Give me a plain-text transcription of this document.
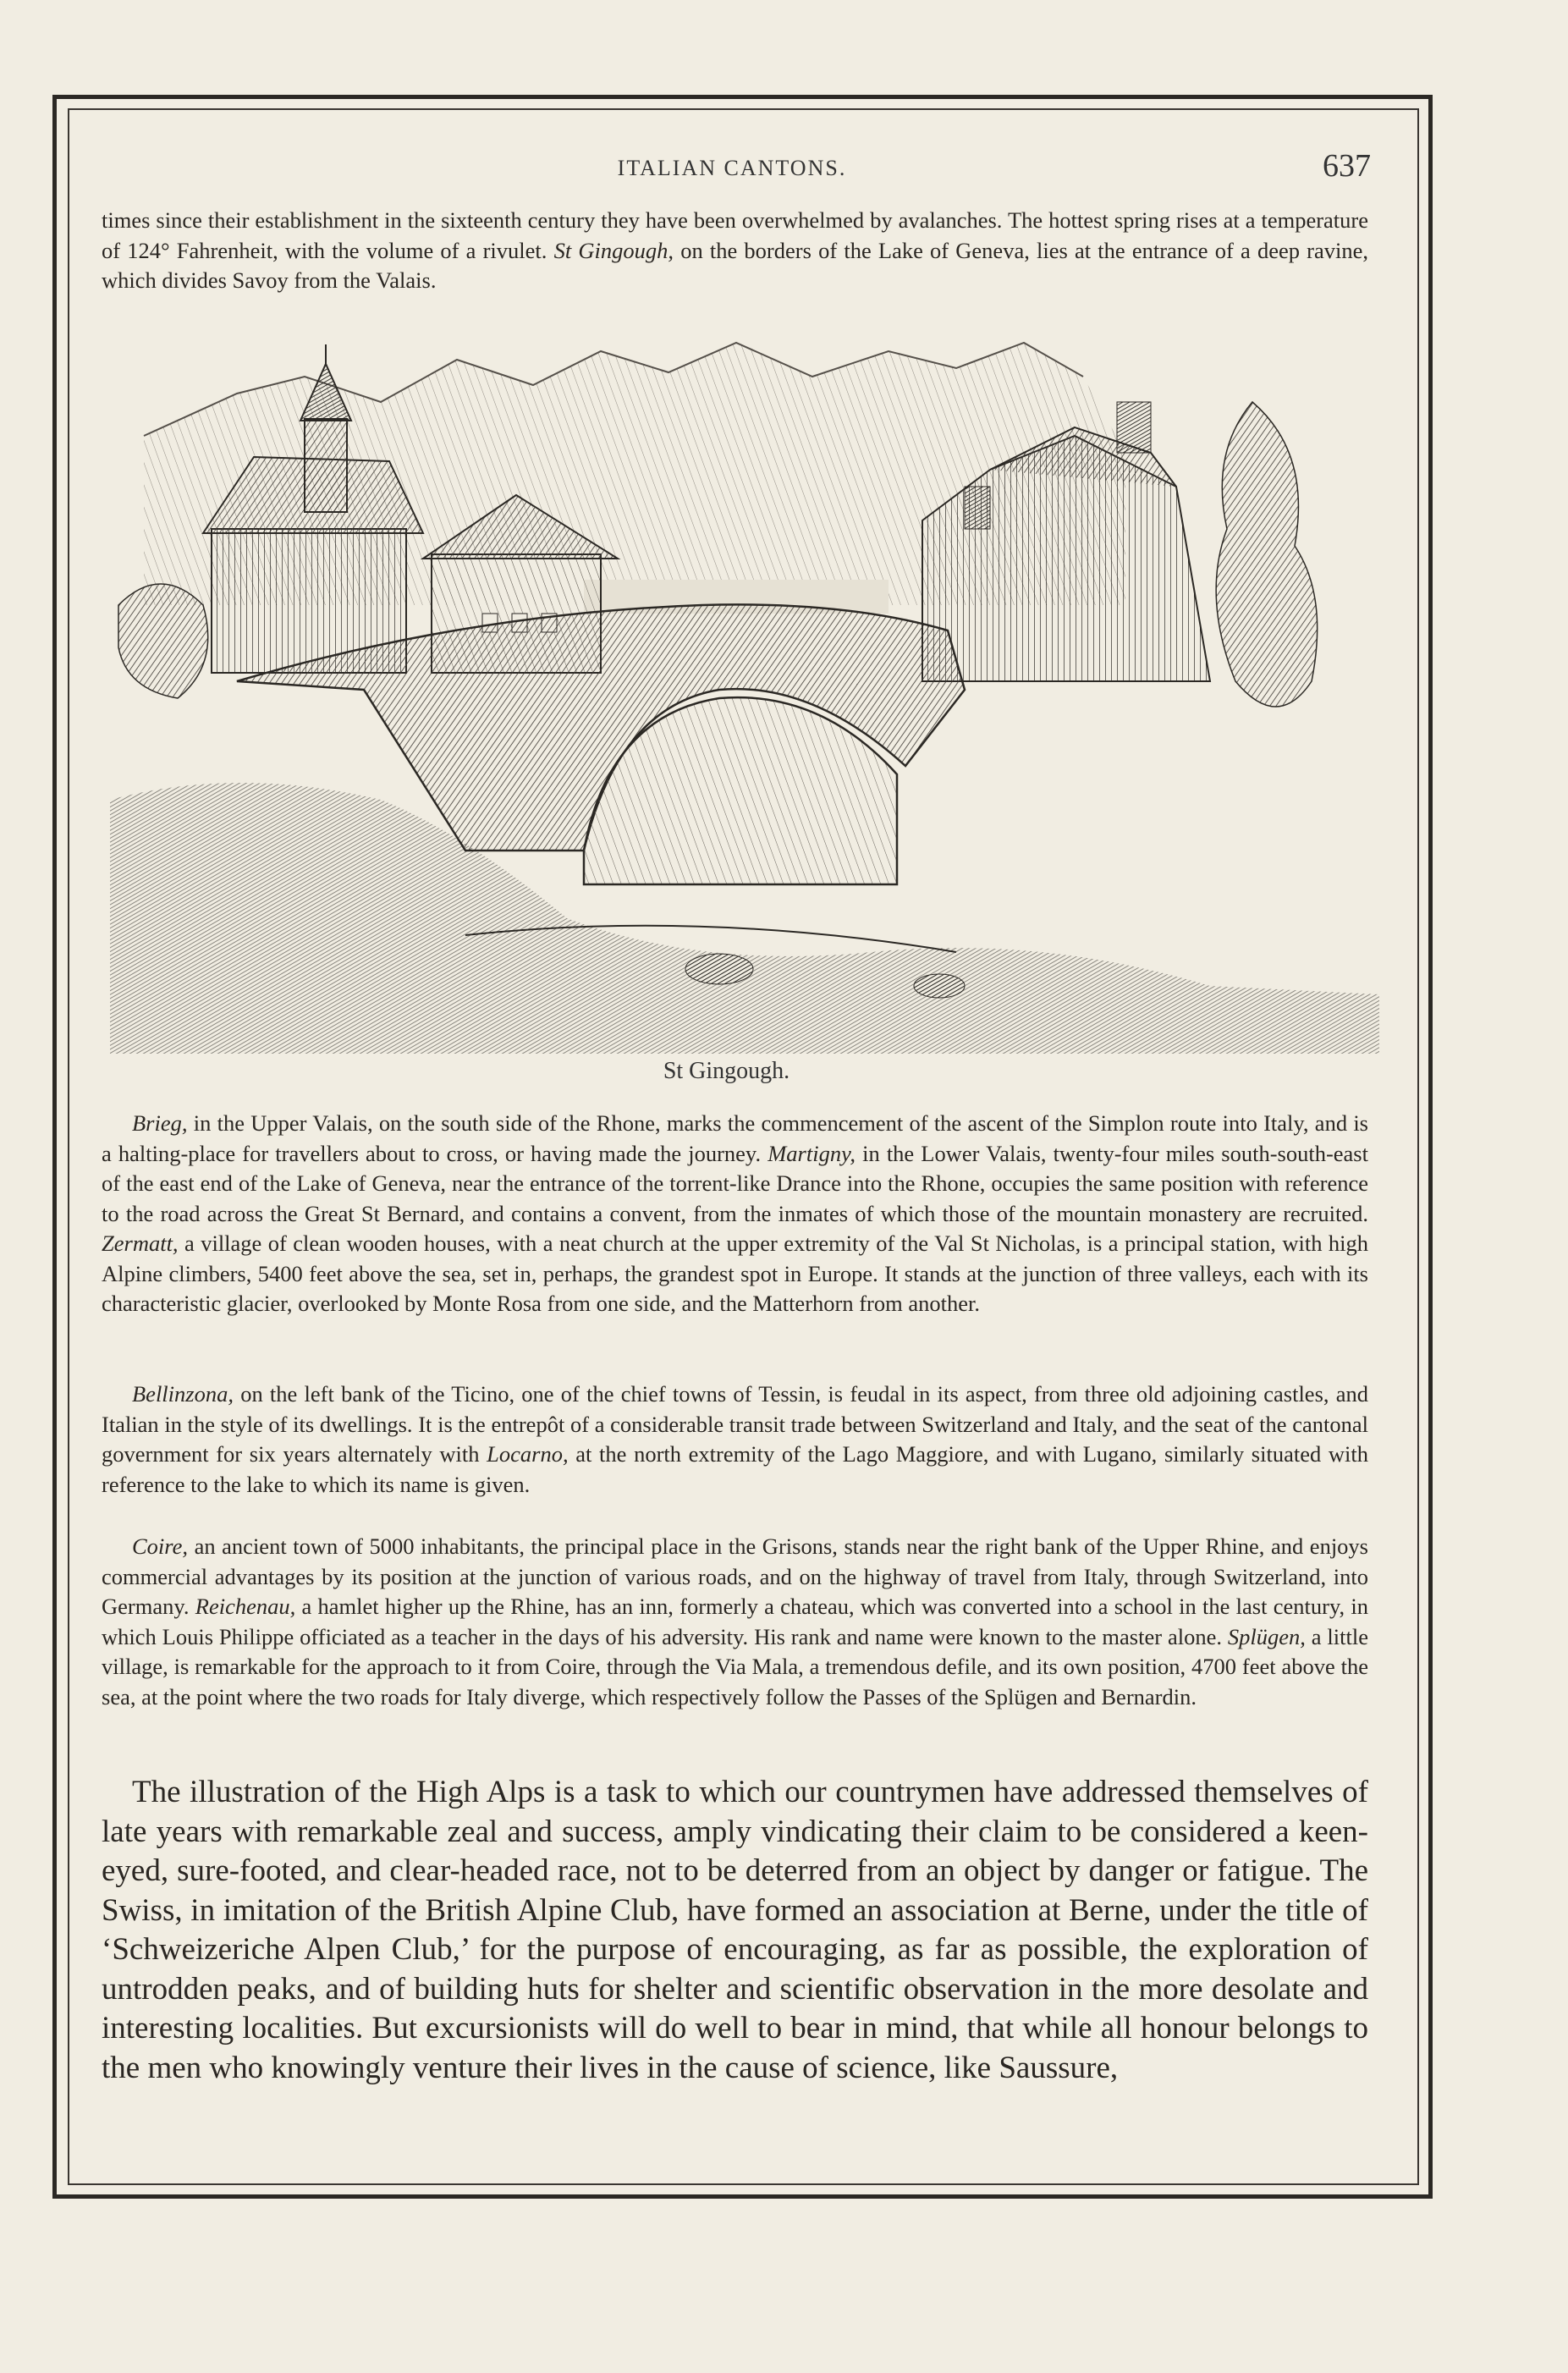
ITALIAN CANTONS.	637

times since their establishment in the sixteenth century they have been overwhelmed by avalanches. The hottest spring rises at a temperature of 124° Fahrenheit, with the volume of a rivulet. St Gingough, on the borders of the Lake of Geneva, lies at the entrance of a deep ravine, which divides Savoy from the Valais.

St Gingough.

Brieg, in the Upper Valais, on the south side of the Rhone, marks the commencement of the ascent of the Simplon route into Italy, and is a halting-place for travellers about to cross, or having made the journey. Martigny, in the Lower Valais, twenty-four miles south-south-east of the east end of the Lake of Geneva, near the entrance of the torrent-like Drance into the Rhone, occupies the same position with reference to the road across the Great St Bernard, and contains a convent, from the inmates of which those of the mountain monastery are recruited. Zermatt, a village of clean wooden houses, with a neat church at the upper extremity of the Val St Nicholas, is a principal station, with high Alpine climbers, 5400 feet above the sea, set in, perhaps, the grandest spot in Europe. It stands at the junction of three valleys, each with its characteristic glacier, overlooked by Monte Rosa from one side, and the Matterhorn from another.

Bellinzona, on the left bank of the Ticino, one of the chief towns of Tessin, is feudal in its aspect, from three old adjoining castles, and Italian in the style of its dwellings. It is the entrepôt of a considerable transit trade between Switzerland and Italy, and the seat of the cantonal government for six years alternately with Locarno, at the north extremity of the Lago Maggiore, and with Lugano, similarly situated with reference to the lake to which its name is given.

Coire, an ancient town of 5000 inhabitants, the principal place in the Grisons, stands near the right bank of the Upper Rhine, and enjoys commercial advantages by its position at the junction of various roads, and on the highway of travel from Italy, through Switzerland, into Germany. Reichenau, a hamlet higher up the Rhine, has an inn, formerly a chateau, which was converted into a school in the last century, in which Louis Philippe officiated as a teacher in the days of his adversity. His rank and name were known to the master alone. Splügen, a little village, is remarkable for the approach to it from Coire, through the Via Mala, a tremendous defile, and its own position, 4700 feet above the sea, at the point where the two roads for Italy diverge, which respectively follow the Passes of the Splügen and Bernardin.

The illustration of the High Alps is a task to which our countrymen have addressed themselves of late years with remarkable zeal and success, amply vindicating their claim to be considered a keen-eyed, sure-footed, and clear-headed race, not to be deterred from an object by danger or fatigue. The Swiss, in imitation of the British Alpine Club, have formed an association at Berne, under the title of ‘Schweizeriche Alpen Club,’ for the purpose of encouraging, as far as possible, the exploration of untrodden peaks, and of building huts for shelter and scientific observation in the more desolate and interesting localities. But excursionists will do well to bear in mind, that while all honour belongs to the men who knowingly venture their lives in the cause of science, like Saussure,
